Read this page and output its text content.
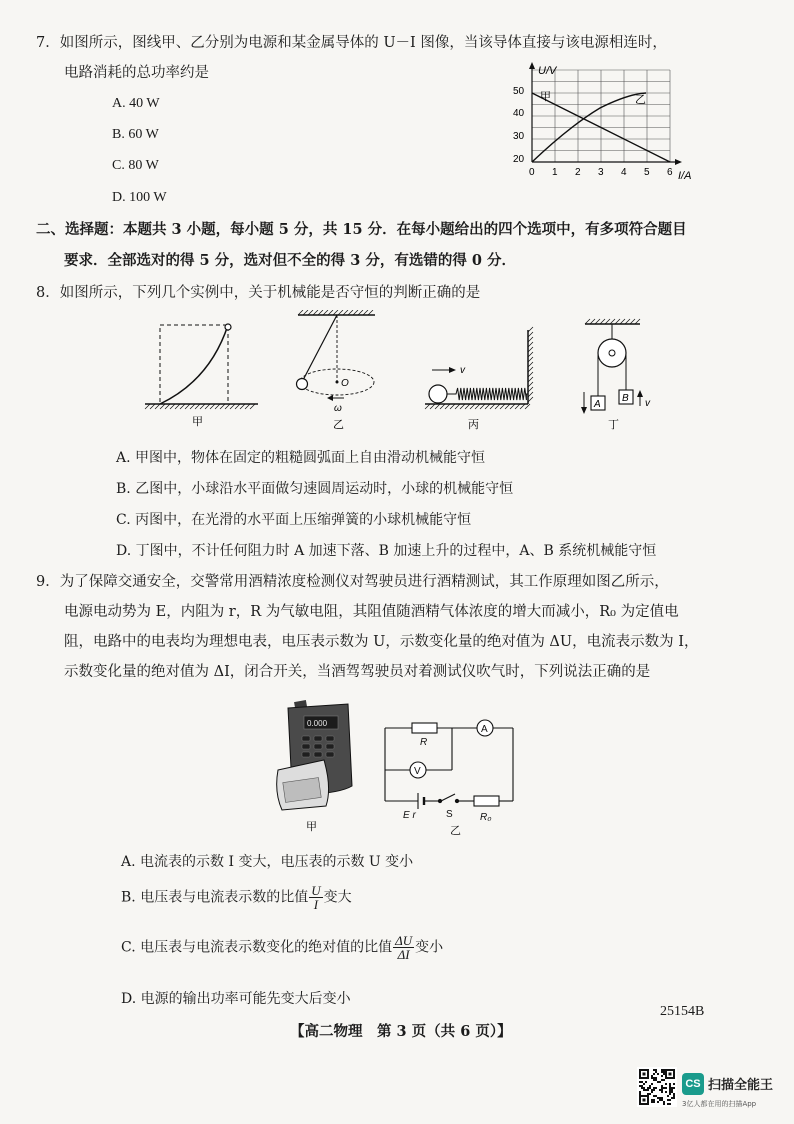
7．如图所示，图线甲、乙分别为电源和某金属导体的 U－I 图像，当该导体直接与该电源相连时，
电路消耗的总功率约是
A. 40 W
B. 60 W
C. 80 W
D. 100 W
U/V
I/A
20
30
40
50
0 1 2 3 4 5 6
甲	乙
二、选择题：本题共 3 小题，每小题 5 分，共 15 分．在每小题给出的四个选项中，有多项符合题目
要求．全部选对的得 5 分，选对但不全的得 3 分，有选错的得 0 分．
8．如图所示，下列几个实例中，关于机械能是否守恒的判断正确的是
甲
O
ω
乙
v
丙
A
B v
丁
A. 甲图中，物体在固定的粗糙圆弧面上自由滑动机械能守恒
B. 乙图中，小球沿水平面做匀速圆周运动时，小球的机械能守恒
C. 丙图中，在光滑的水平面上压缩弹簧的小球机械能守恒
D. 丁图中，不计任何阻力时 A 加速下落、B 加速上升的过程中，A、B 系统机械能守恒
9．为了保障交通安全，交警常用酒精浓度检测仪对驾驶员进行酒精测试，其工作原理如图乙所示，
电源电动势为 E，内阻为 r，R 为气敏电阻，其阻值随酒精气体浓度的增大而减小，R₀ 为定值电
阻，电路中的电表均为理想电表，电压表示数为 U，示数变化量的绝对值为 ΔU，电流表示数为 I，
示数变化量的绝对值为 ΔI，闭合开关，当酒驾驾驶员对着测试仪吹气时，下列说法正确的是
0.000
甲
R
A
V
E r	S	R₀
乙
A. 电流表的示数 I 变大，电压表的示数 U 变小
B. 电压表与电流表示数的比值 $\frac{U}{I}$ 变大
C. 电压表与电流表示数变化的绝对值的比值 $\frac{\Delta U}{\Delta I}$ 变小
D. 电源的输出功率可能先变大后变小
25154B
【高二物理　第 3 页（共 6 页）】
CS 扫描全能王
3亿人都在用的扫描App
